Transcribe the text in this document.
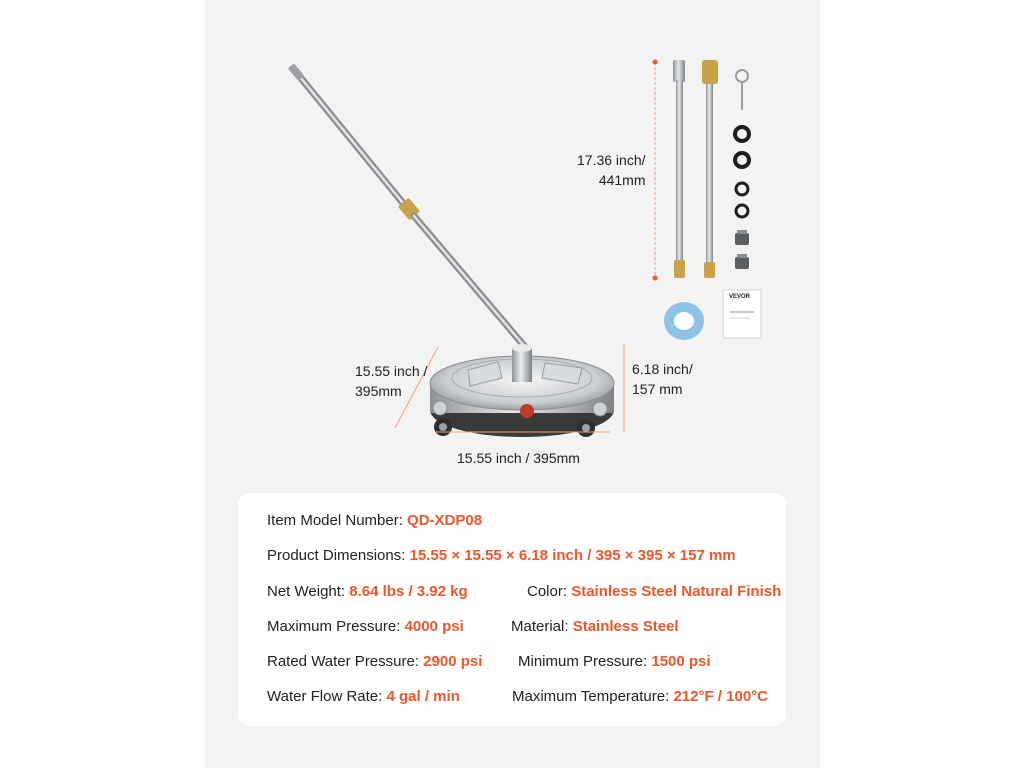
VEVOR
17.36 inch/
441mm
15.55 inch /
395mm
6.18 inch/
157 mm
15.55 inch / 395mm
Item Model Number: QD-XDP08
Product Dimensions: 15.55 × 15.55 × 6.18 inch / 395 × 395 × 157 mm
Net Weight: 8.64 lbs / 3.92 kg	Color: Stainless Steel Natural Finish
Maximum Pressure: 4000 psi	Material: Stainless Steel
Rated Water Pressure: 2900 psi Minimum Pressure: 1500 psi
Water Flow Rate: 4 gal / min	Maximum Temperature: 212°F / 100°C
